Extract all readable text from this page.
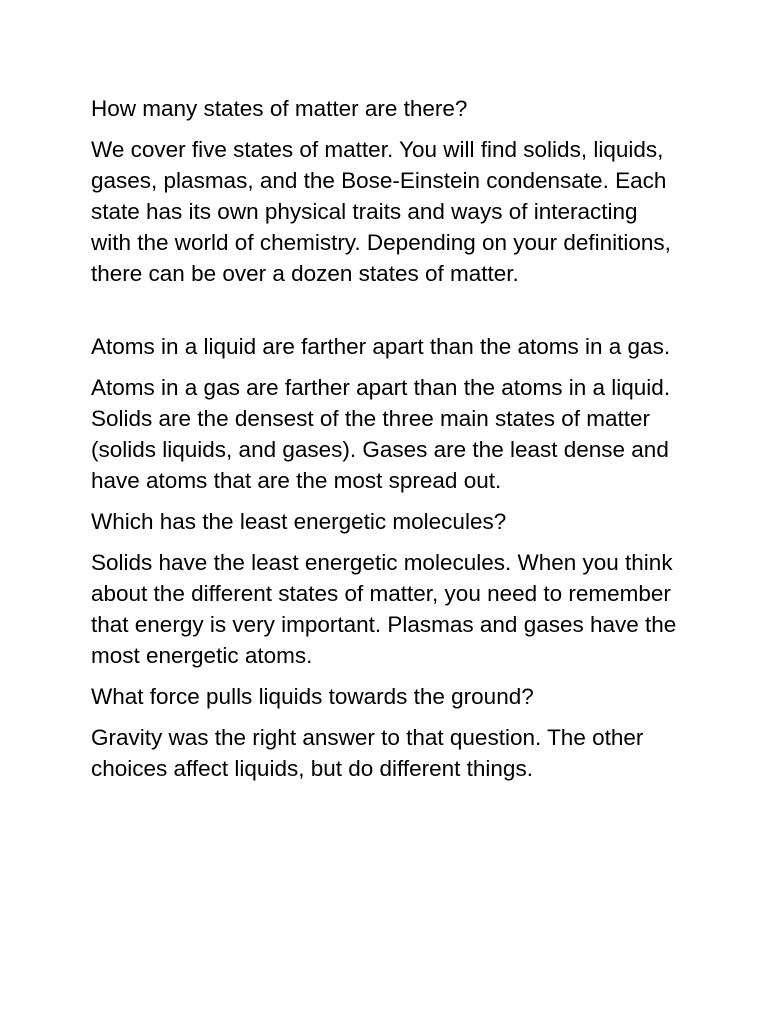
How many states of matter are there?

We cover five states of matter. You will find solids, liquids, gases, plasmas, and the Bose-Einstein condensate. Each state has its own physical traits and ways of interacting with the world of chemistry. Depending on your definitions, there can be over a dozen states of matter.

Atoms in a liquid are farther apart than the atoms in a gas.

Atoms in a gas are farther apart than the atoms in a liquid. Solids are the densest of the three main states of matter (solids liquids, and gases). Gases are the least dense and have atoms that are the most spread out.

Which has the least energetic molecules?

Solids have the least energetic molecules. When you think about the different states of matter, you need to remember that energy is very important. Plasmas and gases have the most energetic atoms.

What force pulls liquids towards the ground?

Gravity was the right answer to that question. The other choices affect liquids, but do different things.
